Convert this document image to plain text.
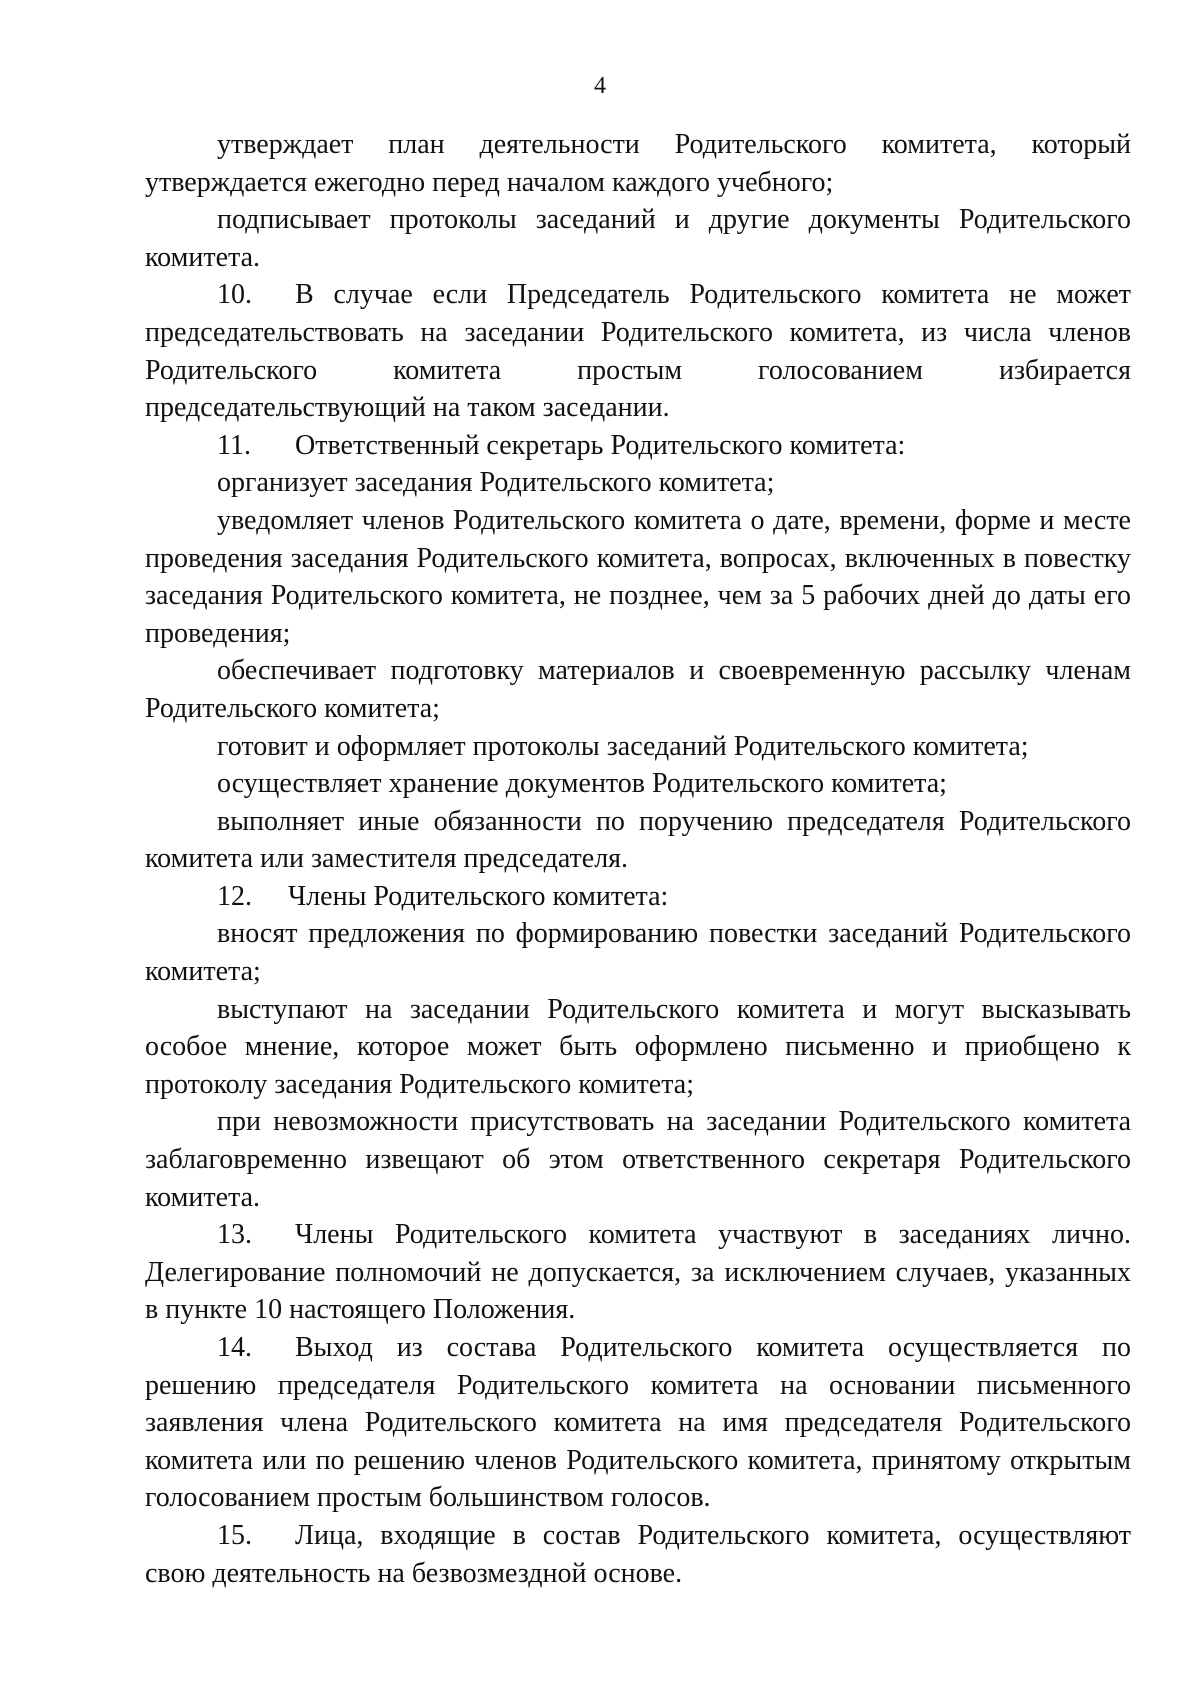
4

утверждает план деятельности Родительского комитета, который утверждается ежегодно перед началом каждого учебного;

подписывает протоколы заседаний и другие документы Родительского комитета.

10. В случае если Председатель Родительского комитета не может председательствовать на заседании Родительского комитета, из числа членов Родительского комитета простым голосованием избирается председательствующий на таком заседании.

11. Ответственный секретарь Родительского комитета:

организует заседания Родительского комитета;

уведомляет членов Родительского комитета о дате, времени, форме и месте проведения заседания Родительского комитета, вопросах, включенных в повестку заседания Родительского комитета, не позднее, чем за 5 рабочих дней до даты его проведения;

обеспечивает подготовку материалов и своевременную рассылку членам Родительского комитета;

готовит и оформляет протоколы заседаний Родительского комитета;

осуществляет хранение документов Родительского комитета;

выполняет иные обязанности по поручению председателя Родительского комитета или заместителя председателя.

12. Члены Родительского комитета:

вносят предложения по формированию повестки заседаний Родительского комитета;

выступают на заседании Родительского комитета и могут высказывать особое мнение, которое может быть оформлено письменно и приобщено к протоколу заседания Родительского комитета;

при невозможности присутствовать на заседании Родительского комитета заблаговременно извещают об этом ответственного секретаря Родительского комитета.

13. Члены Родительского комитета участвуют в заседаниях лично. Делегирование полномочий не допускается, за исключением случаев, указанных в пункте 10 настоящего Положения.

14. Выход из состава Родительского комитета осуществляется по решению председателя Родительского комитета на основании письменного заявления члена Родительского комитета на имя председателя Родительского комитета или по решению членов Родительского комитета, принятому открытым голосованием простым большинством голосов.

15. Лица, входящие в состав Родительского комитета, осуществляют свою деятельность на безвозмездной основе.
